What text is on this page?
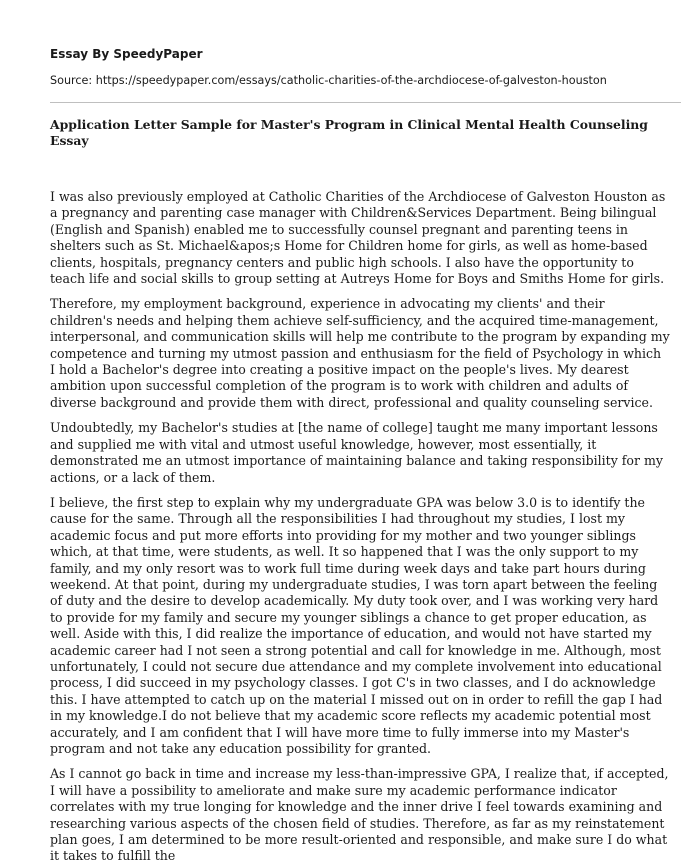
Essay By SpeedyPaper
Source: https://speedypaper.com/essays/catholic-charities-of-the-archdiocese-of-galveston-houston
Application Letter Sample for Master's Program in Clinical Mental Health Counseling Essay

I was also previously employed at Catholic Charities of the Archdiocese of Galveston Houston as a pregnancy and parenting case manager with Children&Services Department. Being bilingual (English and Spanish) enabled me to successfully counsel pregnant and parenting teens in shelters such as St. Michael&apos;s Home for Children home for girls, as well as home-based clients, hospitals, pregnancy centers and public high schools. I also have the opportunity to teach life and social skills to group setting at Autreys Home for Boys and Smiths Home for girls.

Therefore, my employment background, experience in advocating my clients' and their children's needs and helping them achieve self-sufficiency, and the acquired time-management, interpersonal, and communication skills will help me contribute to the program by expanding my competence and turning my utmost passion and enthusiasm for the field of Psychology in which I hold a Bachelor's degree into creating a positive impact on the people's lives. My dearest ambition upon successful completion of the program is to work with children and adults of diverse background and provide them with direct, professional and quality counseling service.

Undoubtedly, my Bachelor's studies at [the name of college] taught me many important lessons and supplied me with vital and utmost useful knowledge, however, most essentially, it demonstrated me an utmost importance of maintaining balance and taking responsibility for my actions, or a lack of them.

I believe, the first step to explain why my undergraduate GPA was below 3.0 is to identify the cause for the same. Through all the responsibilities I had throughout my studies, I lost my academic focus and put more efforts into providing for my mother and two younger siblings which, at that time, were students, as well. It so happened that I was the only support to my family, and my only resort was to work full time during week days and take part hours during weekend. At that point, during my undergraduate studies, I was torn apart between the feeling of duty and the desire to develop academically. My duty took over, and I was working very hard to provide for my family and secure my younger siblings a chance to get proper education, as well. Aside with this, I did realize the importance of education, and would not have started my academic career had I not seen a strong potential and call for knowledge in me. Although, most unfortunately, I could not secure due attendance and my complete involvement into educational process, I did succeed in my psychology classes. I got C's in two classes, and I do acknowledge this. I have attempted to catch up on the material I missed out on in order to refill the gap I had in my knowledge.I do not believe that my academic score reflects my academic potential most accurately, and I am confident that I will have more time to fully immerse into my Master's program and not take any education possibility for granted.

As I cannot go back in time and increase my less-than-impressive GPA, I realize that, if accepted, I will have a possibility to ameliorate and make sure my academic performance indicator correlates with my true longing for knowledge and the inner drive I feel towards examining and researching various aspects of the chosen field of studies. Therefore, as far as my reinstatement plan goes, I am determined to be more result-oriented and responsible, and make sure I do what it takes to fulfill the
